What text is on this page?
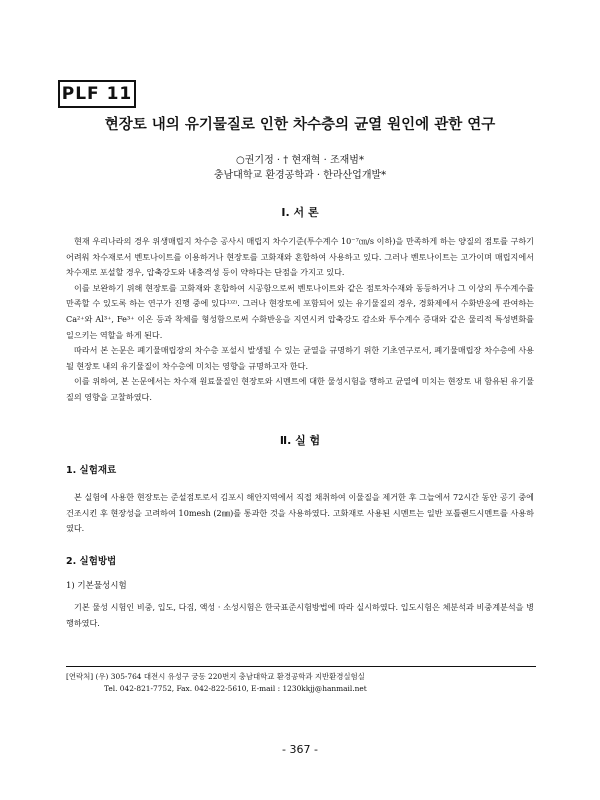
PLF 11
현장토 내의 유기물질로 인한 차수층의 균열 원인에 관한 연구
○권기정 · † 현재혁 · 조재범*
충남대학교 환경공학과 · 한라산업개발*
Ⅰ. 서 론

현재 우리나라의 경우 위생매립지 차수층 공사시 매립지 차수기준(투수계수 10⁻⁷㎝/s 이하)을 만족하게 하는 양질의 점토를 구하기 어려워 차수재로서 벤토나이트를 이용하거나 현장토를 고화재와 혼합하여 사용하고 있다. 그러나 벤토나이트는 고가이며 매립지에서 차수재로 포설할 경우, 압축강도와 내충격성 등이 약하다는 단점을 가지고 있다.

이를 보완하기 위해 현장토를 고화재와 혼합하여 시공함으로써 벤토나이트와 같은 점토차수재와 동등하거나 그 이상의 투수계수를 만족할 수 있도록 하는 연구가 진행 중에 있다¹⁾²⁾. 그러나 현장토에 포함되어 있는 유기물질의 경우, 경화제에서 수화반응에 관여하는 Ca²⁺와 Al³⁺, Fe³⁺ 이온 등과 착체를 형성함으로써 수화반응을 지연시켜 압축강도 감소와 투수계수 증대와 같은 물리적 특성변화를 일으키는 역할을 하게 된다.

따라서 본 논문은 폐기물매립장의 차수층 포설시 발생될 수 있는 균열을 규명하기 위한 기초연구로서, 폐기물매립장 차수층에 사용될 현장토 내의 유기물질이 차수층에 미치는 영향을 규명하고자 한다.

이를 위하여, 본 논문에서는 차수재 원료물질인 현장토와 시멘트에 대한 물성시험을 행하고 균열에 미치는 현장토 내 함유된 유기물질의 영향을 고찰하였다.

Ⅱ. 실 험
1. 실험재료

본 실험에 사용한 현장토는 준설점토로서 김포시 해안지역에서 직접 채취하여 이물질을 제거한 후 그늘에서 72시간 동안 공기 중에 건조시킨 후 현장성을 고려하여 10mesh (2㎜)를 통과한 것을 사용하였다. 고화재로 사용된 시멘트는 일반 포틀랜드시멘트를 사용하였다.

2. 실험방법
1) 기본물성시험

기본 물성 시험인 비중, 입도, 다짐, 액성 · 소성시험은 한국표준시험방법에 따라 실시하였다. 입도시험은 체분석과 비중계분석을 병행하였다.

[연락처] (우) 305-764 대전시 유성구 궁동 220번지 충남대학교 환경공학과 지반환경실험실
Tel. 042-821-7752, Fax. 042-822-5610, E-mail : 1230kkjj@hanmail.net
- 367 -
